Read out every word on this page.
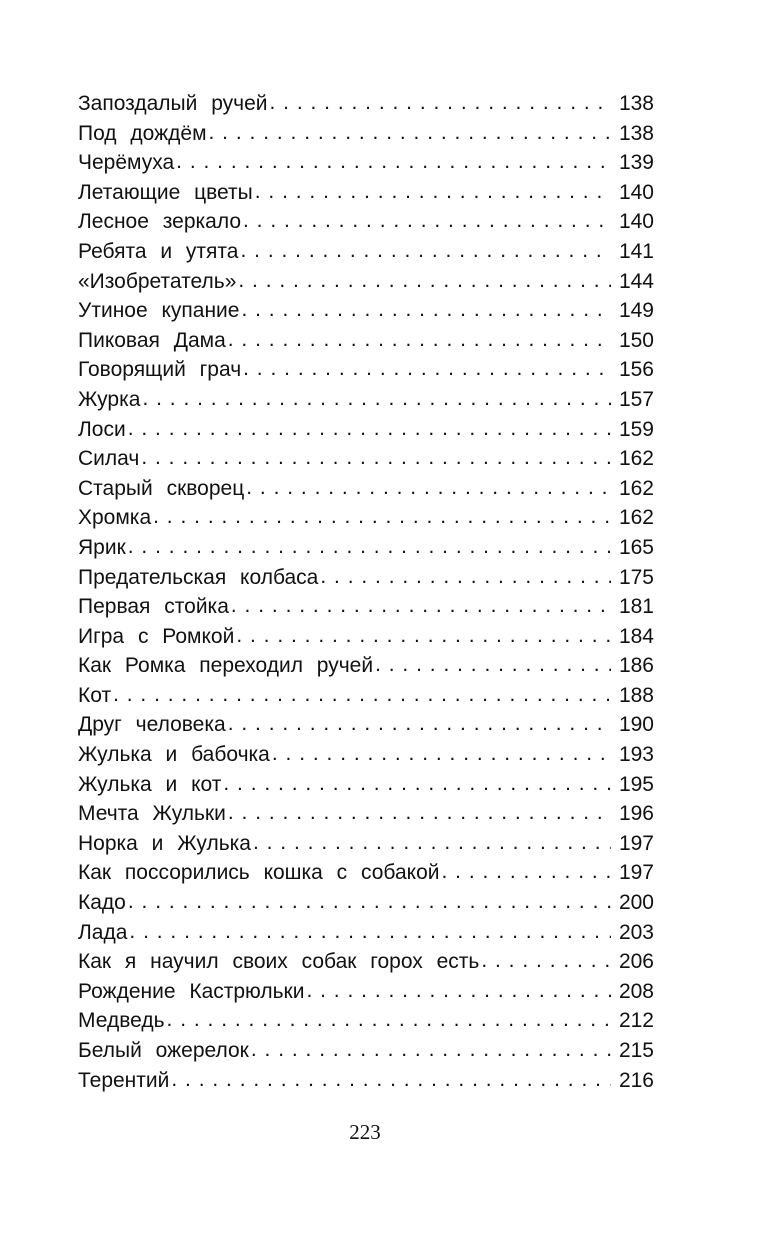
Запоздалый ручей . . .	138
Под дождём . . .	138
Черёмуха . . .	139
Летающие цветы . . .	140
Лесное зеркало . . .	140
Ребята и утята . . .	141
«Изобретатель» . . .	144
Утиное купание . . .	149
Пиковая Дама . . .	150
Говорящий грач . . .	156
Журка . . .	157
Лоси . . .	159
Силач . . .	162
Старый скворец . . .	162
Хромка . . .	162
Ярик . . .	165
Предательская колбаса . . .	175
Первая стойка . . .	181
Игра с Ромкой . . .	184
Как Ромка переходил ручей . . .	186
Кот . . .	188
Друг человека . . .	190
Жулька и бабочка . . .	193
Жулька и кот . . .	195
Мечта Жульки . . .	196
Норка и Жулька . . .	197
Как поссорились кошка с собакой . . .	197
Кадо . . .	200
Лада . . .	203
Как я научил своих собак горох есть . . .	206
Рождение Кастрюльки . . .	208
Медведь . . .	212
Белый ожерелок . . .	215
Терентий . . .	216
223
